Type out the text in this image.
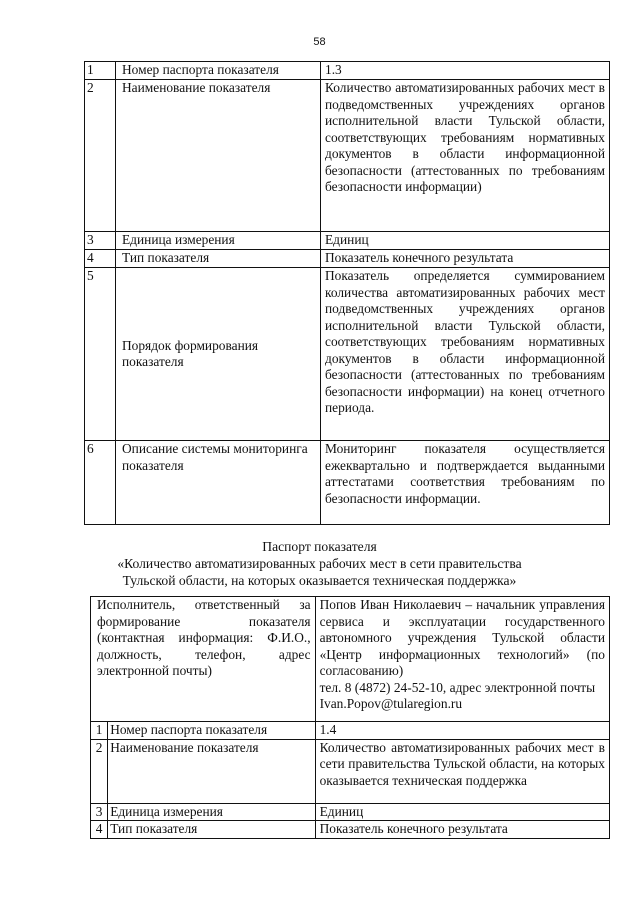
58
1	Номер паспорта показателя	1.3
2	Наименование показателя	Количество автоматизированных рабочих мест в подведомственных учреждениях органов исполнительной власти Тульской области, соответствующих требованиям нормативных документов в области информационной безопасности (аттестованных по требованиям безопасности информации)
3	Единица измерения	Единиц
4	Тип показателя	Показатель конечного результата
5	Порядок формирования показателя	Показатель определяется суммированием количества автоматизированных рабочих мест подведомственных учреждениях органов исполнительной власти Тульской области, соответствующих требованиям нормативных документов в области информационной безопасности (аттестованных по требованиям безопасности информации) на конец отчетного периода.
6	Описание системы мониторинга показателя	Мониторинг показателя осуществляется ежеквартально и подтверждается выданными аттестатами соответствия требованиям по безопасности информации.
Паспорт показателя
«Количество автоматизированных рабочих мест в сети правительства
Тульской области, на которых оказывается техническая поддержка»
Исполнитель, ответственный за формирование показателя (контактная информация: Ф.И.О., должность, телефон, адрес электронной почты)		Попов Иван Николаевич – начальник управления сервиса и эксплуатации государственного автономного учреждения Тульской области «Центр информационных технологий» (по согласованию)
тел. 8 (4872) 24-52-10, адрес электронной почты Ivan.Popov@tularegion.ru

1	Номер паспорта показателя	1.4
2	Наименование показателя	Количество автоматизированных рабочих мест в сети правительства Тульской области, на которых оказывается техническая поддержка
3	Единица измерения	Единиц
4	Тип показателя	Показатель конечного результата
